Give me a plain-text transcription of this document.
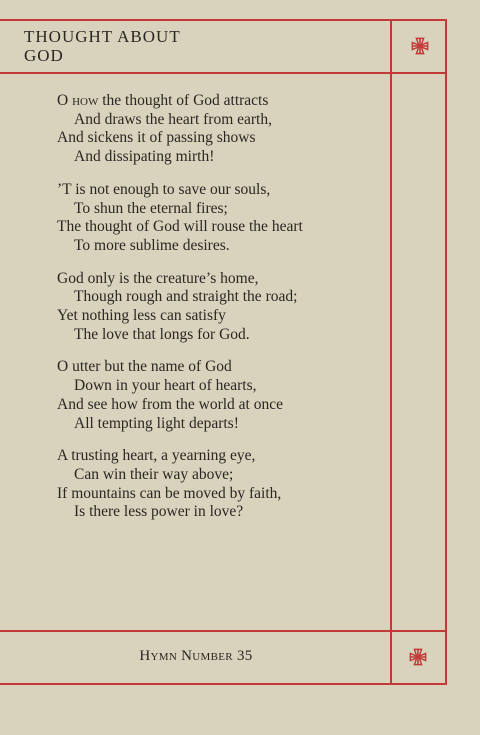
THOUGHT ABOUT
GOD
O how the thought of God attracts
And draws the heart from earth,
And sickens it of passing shows
And dissipating mirth!
’T is not enough to save our souls,
To shun the eternal fires;
The thought of God will rouse the heart
To more sublime desires.
God only is the creature’s home,
Though rough and straight the road;
Yet nothing less can satisfy
The love that longs for God.
O utter but the name of God
Down in your heart of hearts,
And see how from the world at once
All tempting light departs!
A trusting heart, a yearning eye,
Can win their way above;
If mountains can be moved by faith,
Is there less power in love?
Hymn Number 35
